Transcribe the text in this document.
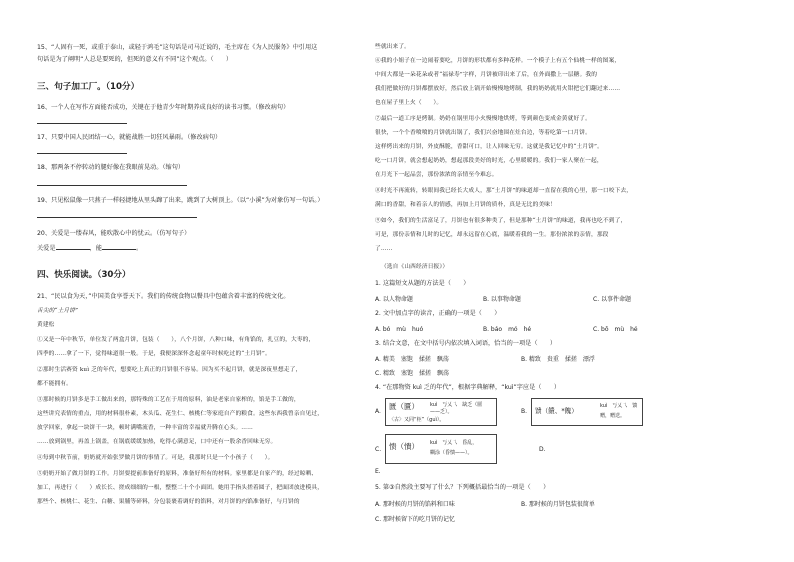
15、“人固有一死，或重于泰山，或轻于鸿毛”这句话是司马迁说的，毛主席在《为人民服务》中引用这
句话是为了阐明“人总是要死的，但死的意义有不同”这个观点。（　　）
三、句子加工厂。（10分）
16、一个人在写作方面能否成功，关键在于他青少年时期养成良好的读书习惯。（修改病句）
17、只要中国人民团结一心，就能战胜一切狂风暴雨。（修改病句）
18、那两条不停转动的腿好像在我眼前晃动。（缩句）
19、只见松鼠像一只燕子一样轻捷地从里头蹿了出来，跳到了大树顶上。（以“小溪”为对象仿写一句话。）
20、关爱是一缕春风，能吹散心中的忧云。（仿写句子）
关爱是	，能	。
四、快乐阅读。（30分）
21、“民以食为天，”中国美食享誉天下。我们的传统食物以餐具中包蕴含着丰富的传统文化。
舌尖的“土月饼”
黄建松
①又是一年中秋节，单位发了两盒月饼，包装（　　），八个月饼，八种口味，有角馅的，扎豆的，大枣的，
四季的……拿了一下，觉得味道很一般。于是，我便深深怀念起童年时候吃过的“土月饼”。
②那时生活赛资 kuì 乏的年代，想要吃上真正的月饼很不容易。因为买不起月饼，就是深夜里想走了，
都不能拥有。
③那时候的月饼多是手工做出来的，那特殊的工艺在于用的原料，油是老家自家榨的，馅是手工做的，
这些讲究表情的重点，用的材料很朴素，木头瓜、花生仁、核桃仁等家庭自产的粮食。这些东西我曾亲自见过，
放学回家，拿起一块饼干一块，顿时满嘴流香，一种丰富的幸福就升腾在心头。……
……放到锅里，再盖上锅盖，在锅底缓缓加热，吃得心满意足，口中还有一股余香回味无穷。
④每到中秋节前，奶奶就开始张罗做月饼的事情了。可是，我那时只是一个小孩子（　　）。
⑤奶奶开始了做月饼的工作。月饼要提前准备好的原料，准备好所有的材料。家里都是自家产的，经过晾晒、
加工，再进行（　　）成长长、搓成细细的一根，整整二十个小面团。她用手指头搓着圆子，把面团放进模具，
那些个、核桃仁、花生、白糖、果脯等碎料，分包装裹着调好的馅料，对月饼的内馅准备好，与月饼的
些就出来了。
⑥我的小姐子在一边闹着要吃，月饼的形状都有多种花样。一个模子上有五个仙桃一样的图案，
中间大都是一朵花朵或者“福禄寿”字样，月饼被印出来了后，在外面撒上一层糖。我的
我们把做好的月饼都摆放好，然后放上锅开始慢慢地烤制，我的奶奶就用火钳把它们翻过来……
也在屋子里上火（　　）。
⑦最后一道工序是烤制。奶奶在锅里用小火慢慢地烘烤，等到颜色变成金黄就好了。
很快，一个个香喷喷的月饼就出锅了，我们兴奋地围在灶台边，等着吃第一口月饼。
这样烤出来的月饼，外皮酥脆，香甜可口，让人回味无穷。这就是我记忆中的“土月饼”。
吃一口月饼，就会想起奶奶，想起那段美好的时光，心里暖暖的。我们一家人聚在一起，
在月光下一起品尝，那份浓浓的亲情至今难忘。
⑧时光不再流转，转眼间我已经长大成人，那“土月饼”的味道却一直留在我的心里，那一口咬下去，
满口的香甜，和着亲人的情感，再加上月饼的质朴，真是无比的美味！
⑨如今，我们的生活富足了，月饼也有很多种类了，但是那种“土月饼”的味道，我再也吃不到了，
可是，那份亲情和儿时的记忆，却永远留在心底，温暖着我的一生。那份浓浓的亲情，那段
了……
（选自《山西经济日报》）
1. 这篇短文从题的方法是（　　）
A. 以人物命题	B. 以事物命题	C. 以事件命题
2. 文中加点字的读音，正确的一项是（　　）
A. bó　mù　huó	B. báo　mó　hé	C. bō　mù　hé
3. 结合文意，在文中括号内依次填入词语，恰当的一项是（　　）
A. 精美　塞饱　揉搓　飘荡	B. 精致　贵重　揉搓　漂浮
C. 精致　塞饱　揉搓　飘荡
4. “在那物资 kuì 乏的年代”，根据字典解释，“kuì”字应是（　　）
A.
匮（匱） kuì　丂乂乁　缺乏（匮
——乏）。
〈古〉又同“柜”（guì）。
B. 馈（饋、*餽）
kuì　丂乂乁　馈
赠，赠送。
C. 愦（憒） kuì　丂乂乁　昏乱，
糊涂（昏愦——）。	D.
E.
5. 第③自然段主要写了什么？下列概括最恰当的一项是（　　）
A. 那时候的月饼的馅料和口味	B. 那时候的月饼包装很简单
C. 那时候留下的吃月饼的记忆
